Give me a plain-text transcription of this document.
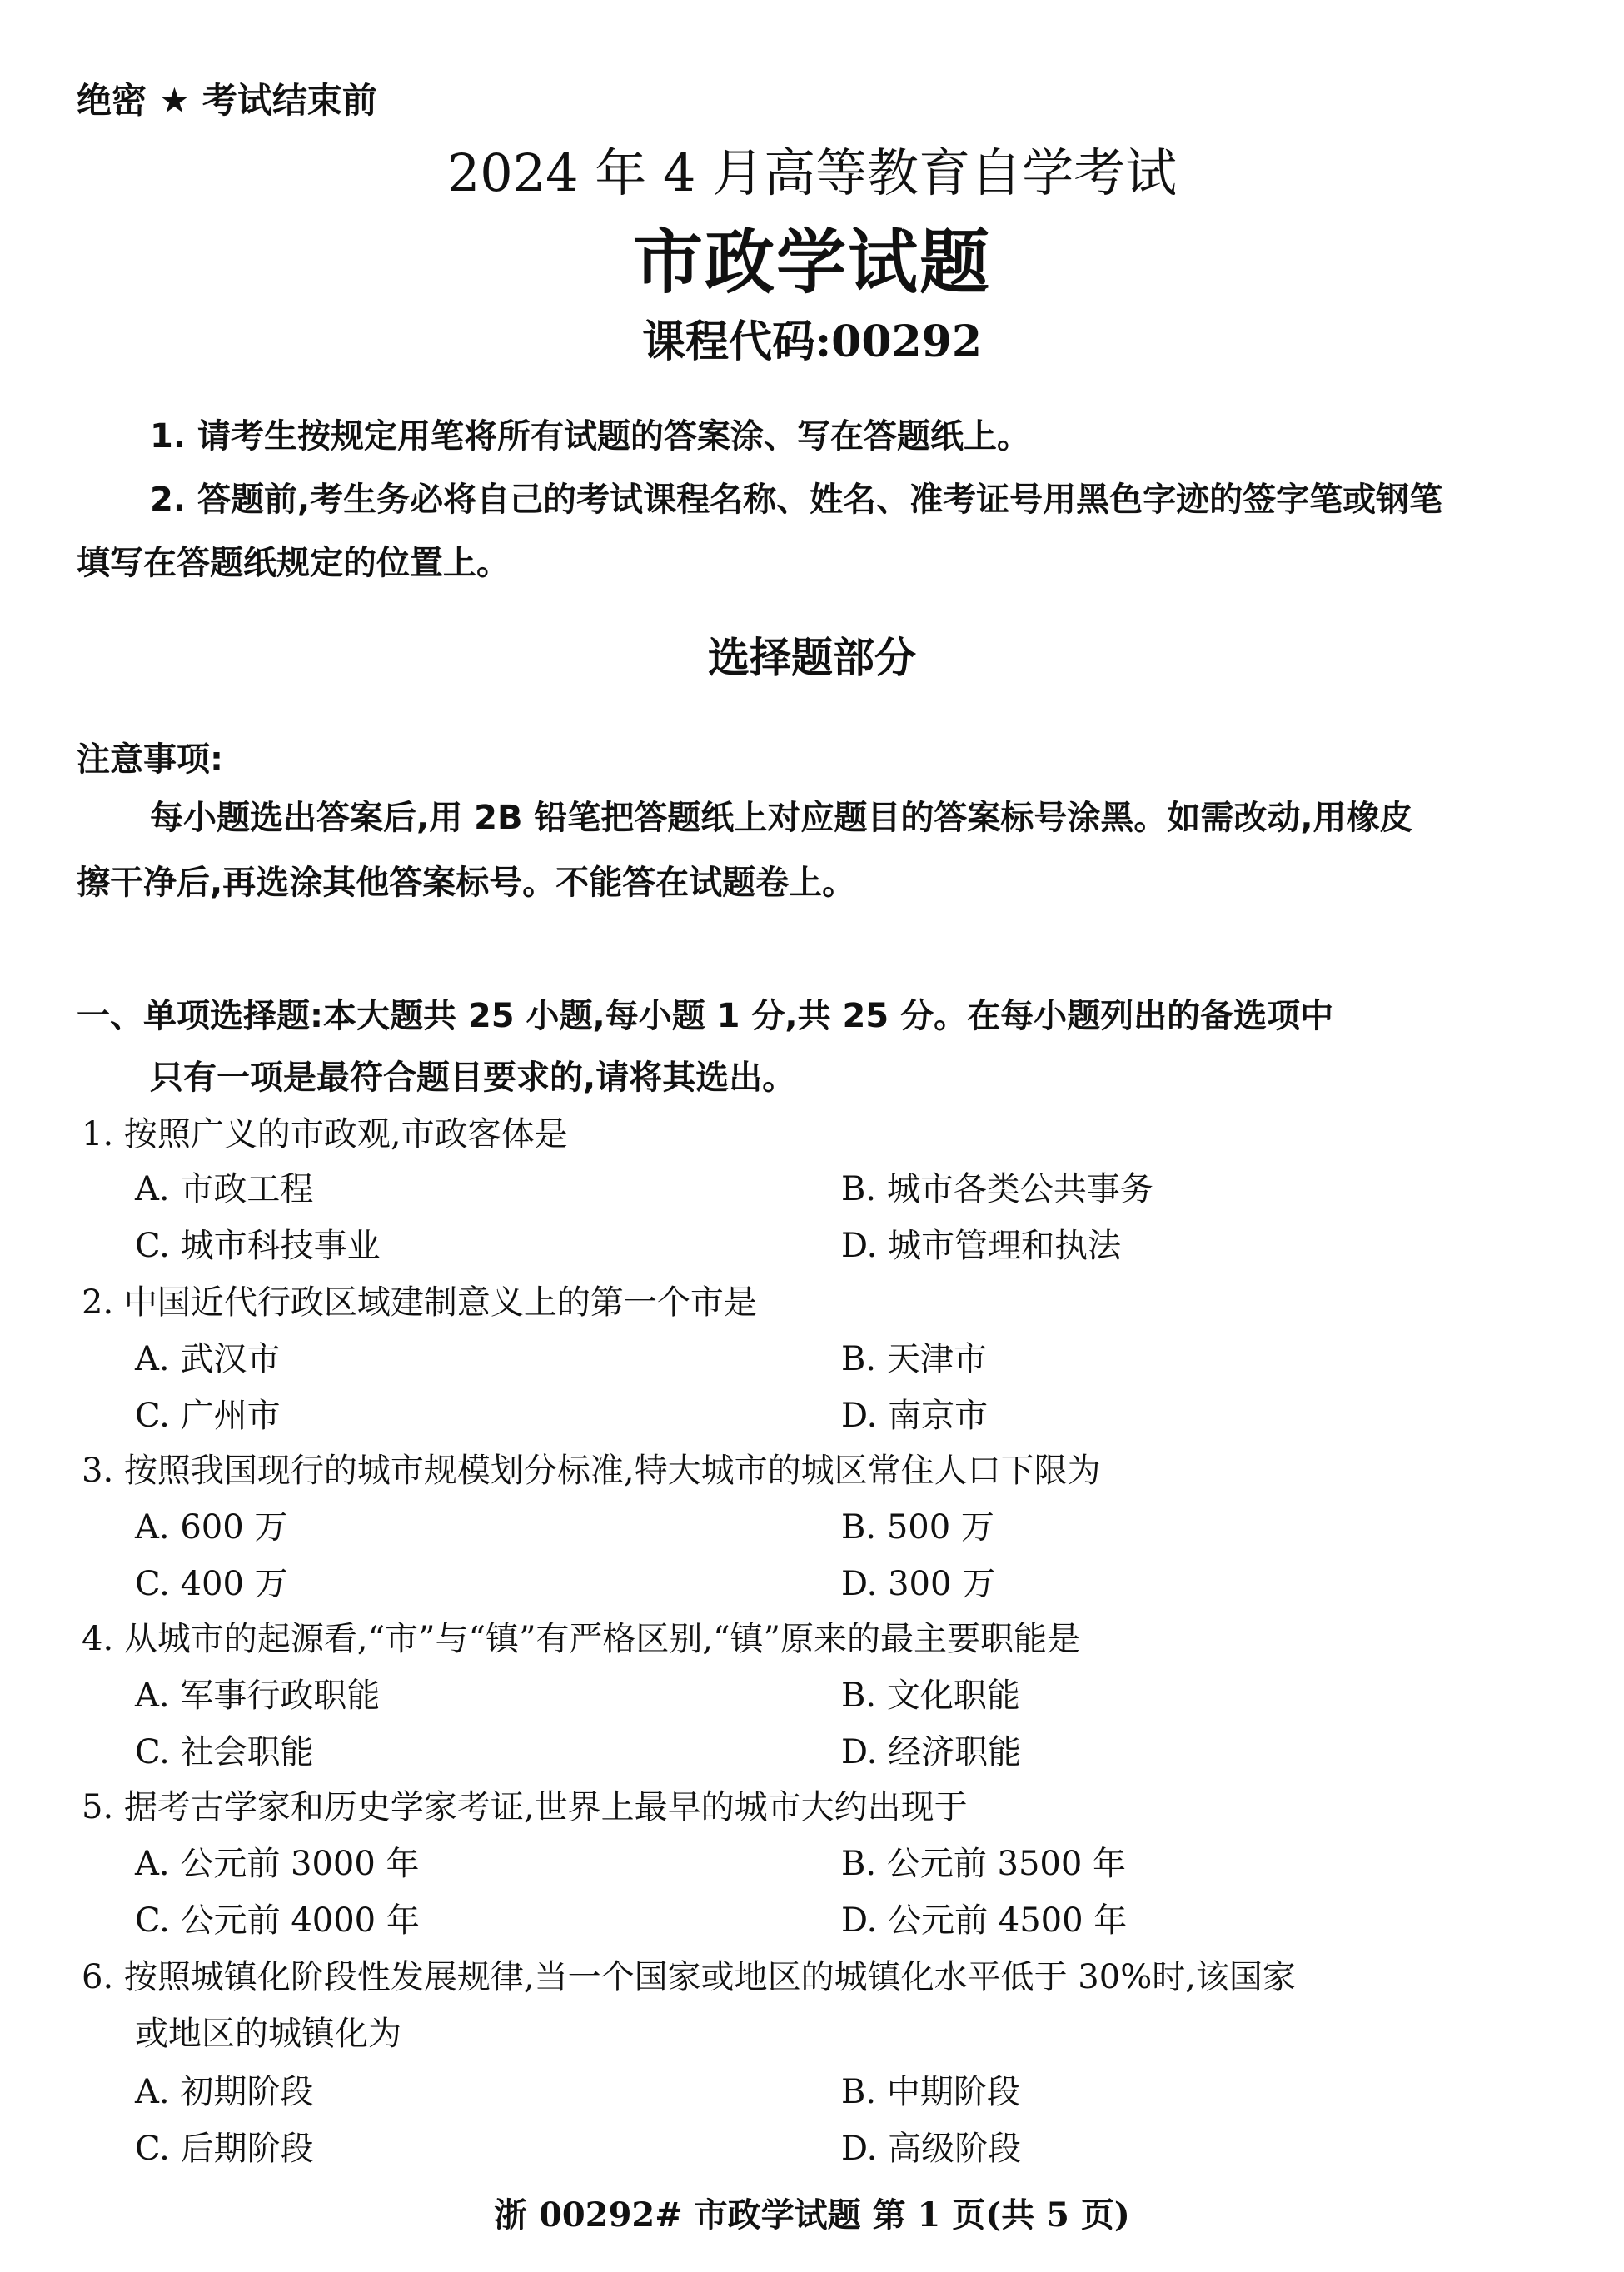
绝密 ★ 考试结束前
2024 年 4 月高等教育自学考试
市政学试题
课程代码:00292
1. 请考生按规定用笔将所有试题的答案涂、写在答题纸上。
2. 答题前,考生务必将自己的考试课程名称、姓名、准考证号用黑色字迹的签字笔或钢笔
填写在答题纸规定的位置上。
选择题部分
注意事项:
每小题选出答案后,用 2B 铅笔把答题纸上对应题目的答案标号涂黑。如需改动,用橡皮
擦干净后,再选涂其他答案标号。不能答在试题卷上。
一、单项选择题:本大题共 25 小题,每小题 1 分,共 25 分。在每小题列出的备选项中
只有一项是最符合题目要求的,请将其选出。
1. 按照广义的市政观,市政客体是
A. 市政工程	B. 城市各类公共事务
C. 城市科技事业	D. 城市管理和执法
2. 中国近代行政区域建制意义上的第一个市是
A. 武汉市	B. 天津市
C. 广州市	D. 南京市
3. 按照我国现行的城市规模划分标准,特大城市的城区常住人口下限为
A. 600 万	B. 500 万
C. 400 万	D. 300 万
4. 从城市的起源看,“市”与“镇”有严格区别,“镇”原来的最主要职能是
A. 军事行政职能	B. 文化职能
C. 社会职能	D. 经济职能
5. 据考古学家和历史学家考证,世界上最早的城市大约出现于
A. 公元前 3000 年	B. 公元前 3500 年
C. 公元前 4000 年	D. 公元前 4500 年
6. 按照城镇化阶段性发展规律,当一个国家或地区的城镇化水平低于 30%时,该国家
或地区的城镇化为
A. 初期阶段	B. 中期阶段
C. 后期阶段	D. 高级阶段
浙 00292# 市政学试题 第 1 页(共 5 页)
